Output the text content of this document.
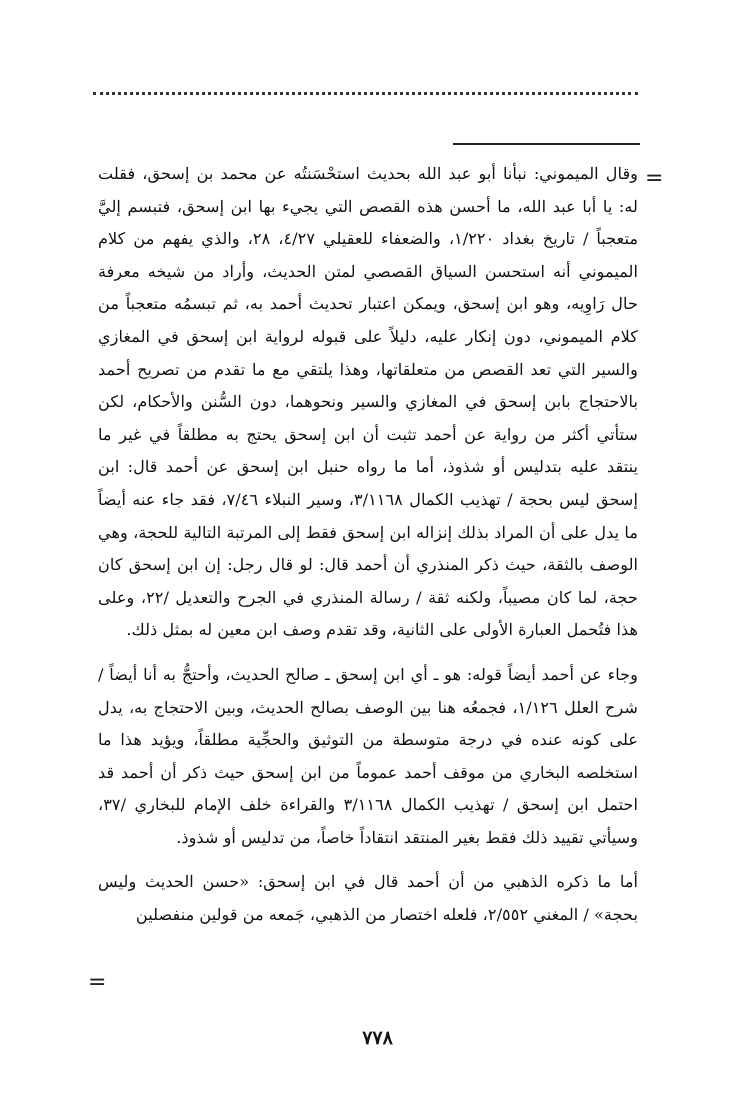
=

وقال الميموني: نبأنا أبو عبد الله بحديث استحْسَنتُه عن محمد بن إسحق، فقلت له: يا أبا عبد الله، ما أحسن هذه القصص التي يجيء بها ابن إسحق، فتبسم إليَّ متعجباً / تاريخ بغداد ١/٢٢٠، والضعفاء للعقيلي ٤/٢٧، ٢٨، والذي يفهم من كلام الميموني أنه استحسن السياق القصصي لمتن الحديث، وأراد من شيخه معرفة حال رَاوِيه، وهو ابن إسحق، ويمكن اعتبار تحديث أحمد به، ثم تبسمُه متعجباً من كلام الميموني، دون إنكار عليه، دليلاً على قبوله لرواية ابن إسحق في المغازي والسير التي تعد القصص من متعلقاتها، وهذا يلتقي مع ما تقدم من تصريح أحمد بالاحتجاج بابن إسحق في المغازي والسير ونحوهما، دون السُّنن والأحكام، لكن ستأتي أكثر من رواية عن أحمد تثبت أن ابن إسحق يحتج به مطلقاً في غير ما ينتقد عليه بتدليس أو شذوذ، أما ما رواه حنبل ابن إسحق عن أحمد قال: ابن إسحق ليس بحجة / تهذيب الكمال ٣/١١٦٨، وسير النبلاء ٧/٤٦، فقد جاء عنه أيضاً ما يدل على أن المراد بذلك إنزاله ابن إسحق فقط إلى المرتبة التالية للحجة، وهي الوصف بالثقة، حيث ذكر المنذري أن أحمد قال: لو قال رجل: إن ابن إسحق كان حجة، لما كان مصيباً، ولكنه ثقة / رسالة المنذري في الجرح والتعديل /٢٢، وعلى هذا فتُحمل العبارة الأولى على الثانية، وقد تقدم وصف ابن معين له بمثل ذلك.

وجاء عن أحمد أيضاً قوله: هو ـ أي ابن إسحق ـ صالح الحديث، وأحتجُّ به أنا أيضاً / شرح العلل ١/١٢٦، فجمعُه هنا بين الوصف بصالح الحديث، وبين الاحتجاج به، يدل على كونه عنده في درجة متوسطة من التوثيق والحجِّية مطلقاً، ويؤيد هذا ما استخلصه البخاري من موقف أحمد عموماً من ابن إسحق حيث ذكر أن أحمد قد احتمل ابن إسحق / تهذيب الكمال ٣/١١٦٨ والقراءة خلف الإمام للبخاري /٣٧، وسيأتي تقييد ذلك فقط بغير المنتقد انتقاداً خاصاً، من تدليس أو شذوذ.

أما ما ذكره الذهبي من أن أحمد قال في ابن إسحق: «حسن الحديث وليس بحجة» / المغني ٢/٥٥٢، فلعله اختصار من الذهبي، جَمعه من قولين منفصلين

=
٧٧٨
